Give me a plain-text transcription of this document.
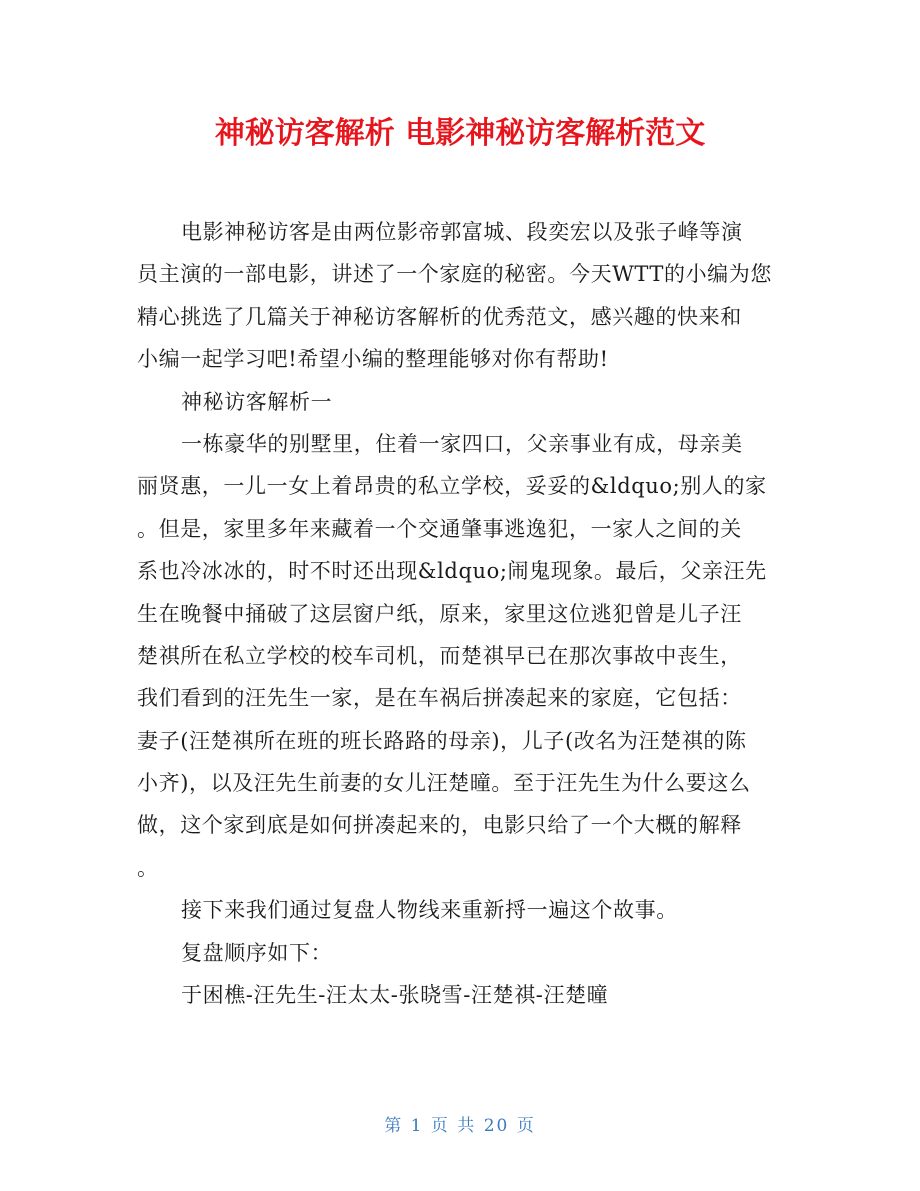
神秘访客解析 电影神秘访客解析范文
电影神秘访客是由两位影帝郭富城、段奕宏以及张子峰等演
员主演的一部电影，讲述了一个家庭的秘密。今天WTT的小编为您
精心挑选了几篇关于神秘访客解析的优秀范文，感兴趣的快来和
小编一起学习吧!希望小编的整理能够对你有帮助!
神秘访客解析一
一栋豪华的别墅里，住着一家四口，父亲事业有成，母亲美
丽贤惠，一儿一女上着昂贵的私立学校，妥妥的&ldquo;别人的家
。但是，家里多年来藏着一个交通肇事逃逸犯，一家人之间的关
系也冷冰冰的，时不时还出现&ldquo;闹鬼现象。最后，父亲汪先
生在晚餐中捅破了这层窗户纸，原来，家里这位逃犯曾是儿子汪
楚祺所在私立学校的校车司机，而楚祺早已在那次事故中丧生，
我们看到的汪先生一家，是在车祸后拼凑起来的家庭，它包括：
妻子(汪楚祺所在班的班长路路的母亲)，儿子(改名为汪楚祺的陈
小齐)，以及汪先生前妻的女儿汪楚曈。至于汪先生为什么要这么
做，这个家到底是如何拼凑起来的，电影只给了一个大概的解释
。
接下来我们通过复盘人物线来重新捋一遍这个故事。
复盘顺序如下：
于困樵-汪先生-汪太太-张晓雪-汪楚祺-汪楚曈
第 1 页 共 20 页
